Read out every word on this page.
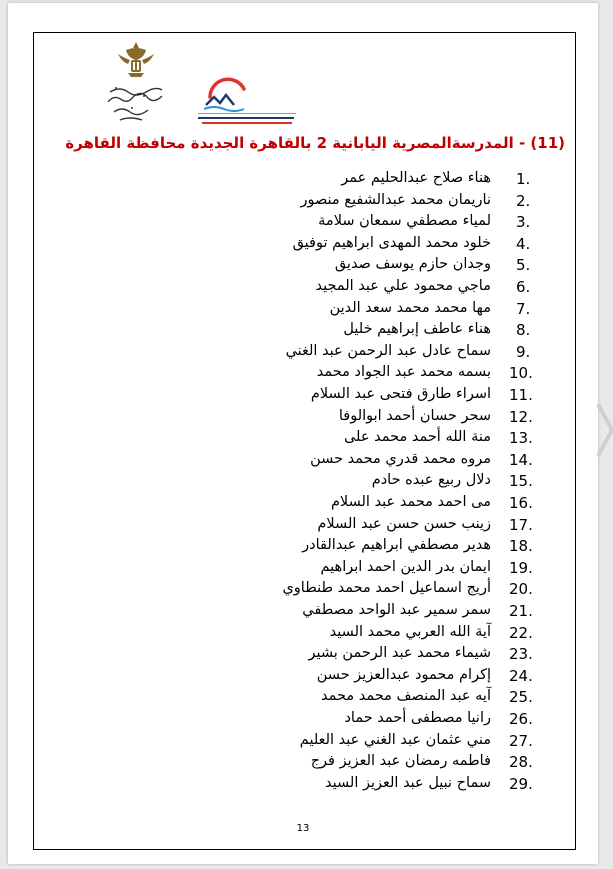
(11) - المدرسةالمصرية اليابانية 2 بالقاهرة الجديدة محافظة القاهرة
1.
هناء صلاح عبدالحليم عمر
2.
ناريمان محمد عبدالشفيع منصور
3.
لمياء مصطفي سمعان سلامة
4.
خلود محمد المهدى ابراهيم توفيق
5.
وجدان حازم يوسف صديق
6.
ماجي محمود علي عبد المجيد
7.
مها محمد محمد سعد الدين
8.
هناء عاطف إبراهيم خليل
9.
سماح عادل عبد الرحمن عبد الغني
10.
بسمه محمد عبد الجواد محمد
11.
اسراء طارق فتحى عبد السلام
12.
سحر حسان أحمد ابوالوفا
13.
منة الله أحمد محمد على
14.
مروه محمد قدري محمد حسن
15.
دلال ربيع عبده حادم
16.
مى احمد محمد عبد السلام
17.
زينب حسن حسن عبد السلام
18.
هدير مصطفي ابراهيم عبدالقادر
19.
ايمان بدر الدين احمد ابراهيم
20.
أريج اسماعيل احمد محمد طنطاوي
21.
سمر سمير عبد الواحد مصطفي
22.
آية الله العربي محمد السيد
23.
شيماء محمد عبد الرحمن بشير
24.
إكرام محمود عبدالعزيز حسن
25.
آيه عبد المنصف محمد محمد
26.
رانيا مصطفى أحمد حماد
27.
مني عثمان عبد الغني عبد العليم
28.
فاطمه رمضان عبد العزيز فرج
29.
سماح نبيل عبد العزيز السيد
13
